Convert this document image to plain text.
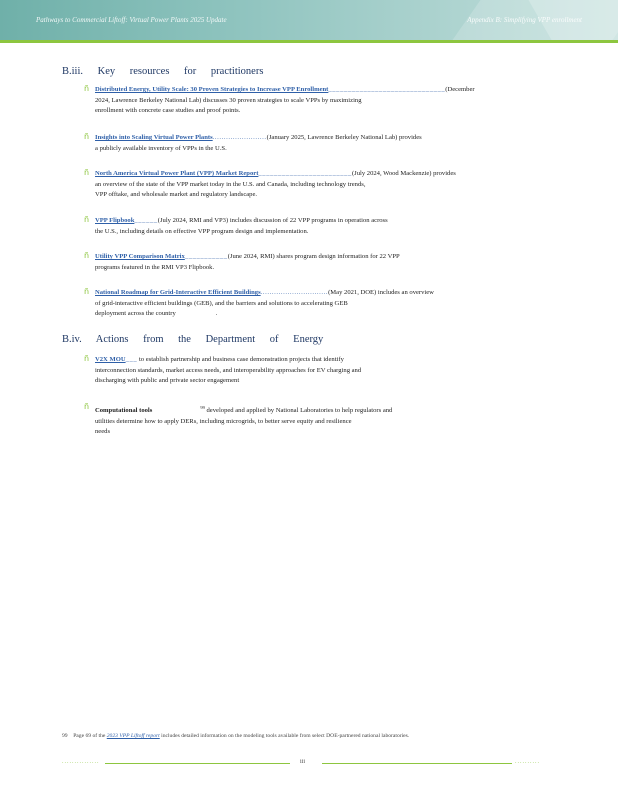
Pathways to Commercial Liftoff: Virtual Power Plants 2025 Update	Appendix B: Simplifying VPP enrollment
B.iii. Key resources for practitioners
ñ Distributed Energy, Utility Scale: 30 Proven Strategies to Increase VPP Enrollment______________________________(December
2024, Lawrence Berkeley National Lab) discusses 30 proven strategies to scale VPPs by maximizing
enrollment with concrete case studies and proof points.
ñ Insights into Scaling Virtual Power Plants........................(January 2025, Lawrence Berkeley National Lab) provides
a publicly available inventory of VPPs in the U.S.
ñ North America Virtual Power Plant (VPP) Market Report________________________(July 2024, Wood Mackenzie) provides
an overview of the state of the VPP market today in the U.S. and Canada, including technology trends,
VPP offtake, and wholesale market and regulatory landscape.
ñ VPP Flipbook______(July 2024, RMI and VP3) includes discussion of 22 VPP programs in operation across
the U.S., including details on effective VPP program design and implementation.
ñ Utility VPP Comparison Matrix___________(June 2024, RMI) shares program design information for 22 VPP
programs featured in the RMI VP3 Flipbook.
ñ National Roadmap for Grid-Interactive Efficient Buildings..............................(May 2021, DOE) includes an overview
of grid-interactive efficient buildings (GEB), and the barriers and solutions to accelerating GEB
deployment across the country	.
B.iv. Actions from the Department of Energy
ñ V2X MOU___ to establish partnership and business case demonstration projects that identify
interconnection standards, market access needs, and interoperability approaches for EV charging and
discharging with public and private sector engagement
ñ Computational tools	$^{99}$ developed and applied by National Laboratories to help regulators and
utilities determine how to apply DERs, including microgrids, to better serve equity and resilience
needs
99 Page 69 of the 2023 VPP Liftoff report includes detailed information on the modeling tools available from select DOE-partnered national laboratories.
...............	iii	..........
